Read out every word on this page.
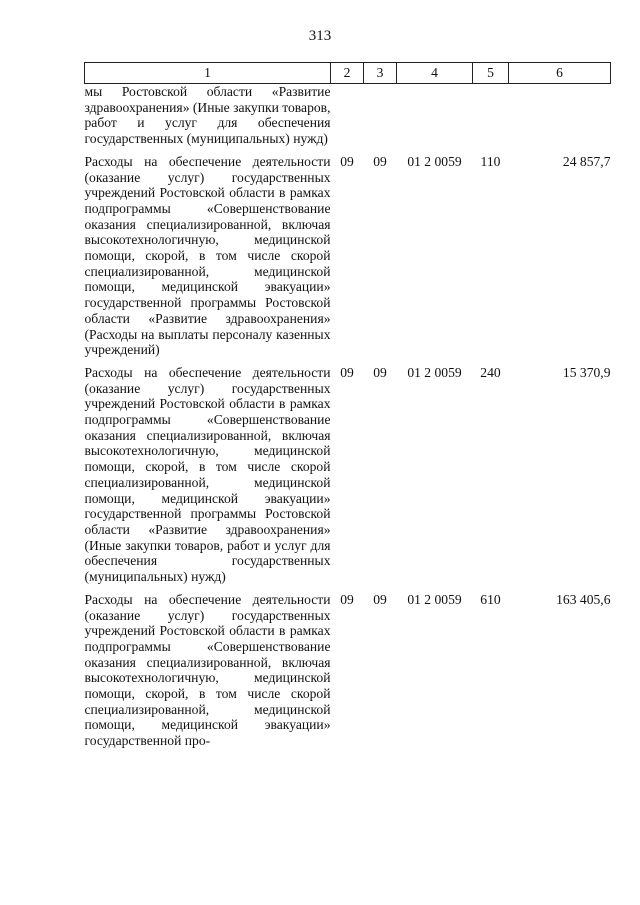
313
1	2	3	4	5	6
мы Ростовской области «Развитие здравоохранения» (Иные закупки товаров, работ и услуг для обеспечения государственных (муниципальных) нужд)					
Расходы на обеспечение деятельности (оказание услуг) государственных учреждений Ростовской области в рамках подпрограммы «Совершенствование оказания специализированной, включая высокотехнологичную, медицинской помощи, скорой, в том числе скорой специализированной, медицинской помощи, медицинской эвакуации» государственной программы Ростовской области «Развитие здравоохранения» (Расходы на выплаты персоналу казенных учреждений)	09	09	01 2 0059	110	24 857,7
Расходы на обеспечение деятельности (оказание услуг) государственных учреждений Ростовской области в рамках подпрограммы «Совершенствование оказания специализированной, включая высокотехнологичную, медицинской помощи, скорой, в том числе скорой специализированной, медицинской помощи, медицинской эвакуации» государственной программы Ростовской области «Развитие здравоохранения» (Иные закупки товаров, работ и услуг для обеспечения государственных (муниципальных) нужд)	09	09	01 2 0059	240	15 370,9
Расходы на обеспечение деятельности (оказание услуг) государственных учреждений Ростовской области в рамках подпрограммы «Совершенствование оказания специализированной, включая высокотехнологичную, медицинской помощи, скорой, в том числе скорой специализированной, медицинской помощи, медицинской эвакуации» государственной про-	09	09	01 2 0059	610	163 405,6
